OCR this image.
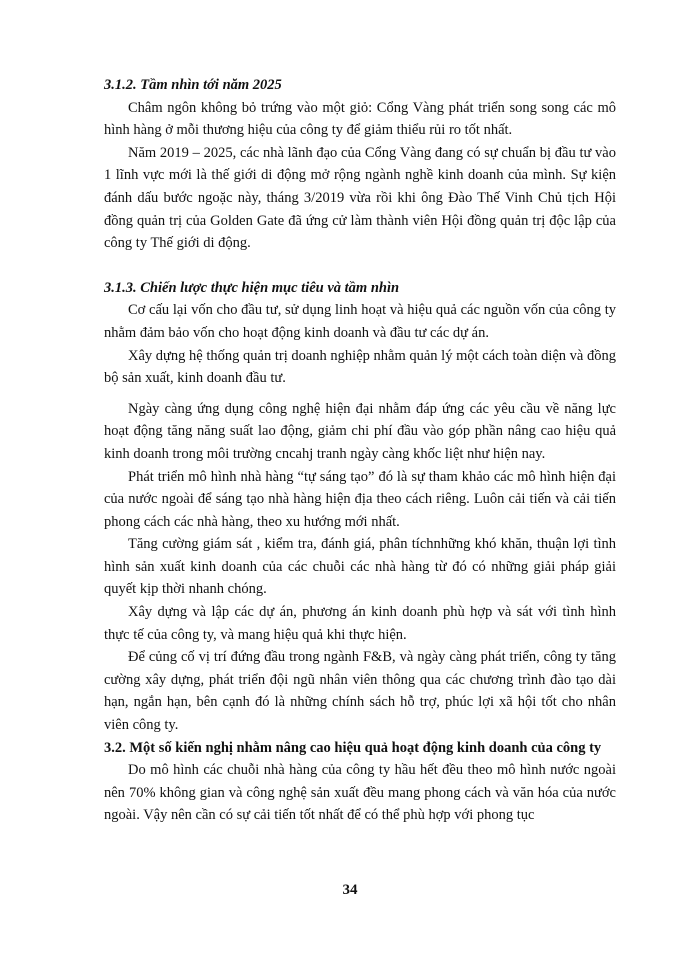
3.1.2. Tầm nhìn tới năm 2025

Châm ngôn không bỏ trứng vào một giỏ: Cổng Vàng phát triển song song các mô hình hàng ở mỗi thương hiệu của công ty để giảm thiểu rủi ro tốt nhất.

Năm 2019 – 2025, các nhà lãnh đạo của Cổng Vàng đang có sự chuẩn bị đầu tư vào 1 lĩnh vực mới là thế giới di động mở rộng ngành nghề kinh doanh của mình. Sự kiện đánh dấu bước ngoặc này, tháng 3/2019 vừa rồi khi ông Đào Thế Vinh Chủ tịch Hội đồng quản trị của Golden Gate đã ứng cử làm thành viên Hội đồng quản trị độc lập của công ty Thế giới di động.

3.1.3. Chiến lược thực hiện mục tiêu và tầm nhìn

Cơ cấu lại vốn cho đầu tư, sử dụng linh hoạt và hiệu quả các nguồn vốn của công ty nhằm đảm bảo vốn cho hoạt động kinh doanh và đầu tư các dự án.

Xây dựng hệ thống quản trị doanh nghiệp nhằm quản lý một cách toàn diện và đồng bộ sản xuất, kinh doanh đầu tư.

Ngày càng ứng dụng công nghệ hiện đại nhằm đáp ứng các yêu cầu về năng lực hoạt động tăng năng suất lao động, giảm chi phí đầu vào góp phần nâng cao hiệu quả kinh doanh trong môi trường cncahj tranh ngày càng khốc liệt như hiện nay.

Phát triển mô hình nhà hàng “tự sáng tạo” đó là sự tham khảo các mô hình hiện đại của nước ngoài để sáng tạo nhà hàng hiện địa theo cách riêng. Luôn cải tiến và cải tiến phong cách các nhà hàng, theo xu hướng mới nhất.

Tăng cường giám sát , kiểm tra, đánh giá, phân tíchnhững khó khăn, thuận lợi tình hình sản xuất kinh doanh của các chuỗi các nhà hàng từ đó có những giải pháp giải quyết kịp thời nhanh chóng.

Xây dựng và lập các dự án, phương án kinh doanh phù hợp và sát với tình hình thực tế của công ty, và mang hiệu quả khi thực hiện.

Để củng cố vị trí đứng đầu trong ngành F&B, và ngày càng phát triển, công ty tăng cường xây dựng, phát triển đội ngũ nhân viên thông qua các chương trình đào tạo dài hạn, ngắn hạn, bên cạnh đó là những chính sách hỗ trợ, phúc lợi xã hội tốt cho nhân viên công ty.

3.2. Một số kiến nghị nhằm nâng cao hiệu quả hoạt động kinh doanh của công ty

Do mô hình các chuỗi nhà hàng của công ty hầu hết đều theo mô hình nước ngoài nên 70% không gian và công nghệ sản xuất đều mang phong cách và văn hóa của nước ngoài. Vậy nên cần có sự cải tiến tốt nhất để có thể phù hợp với phong tục

34
